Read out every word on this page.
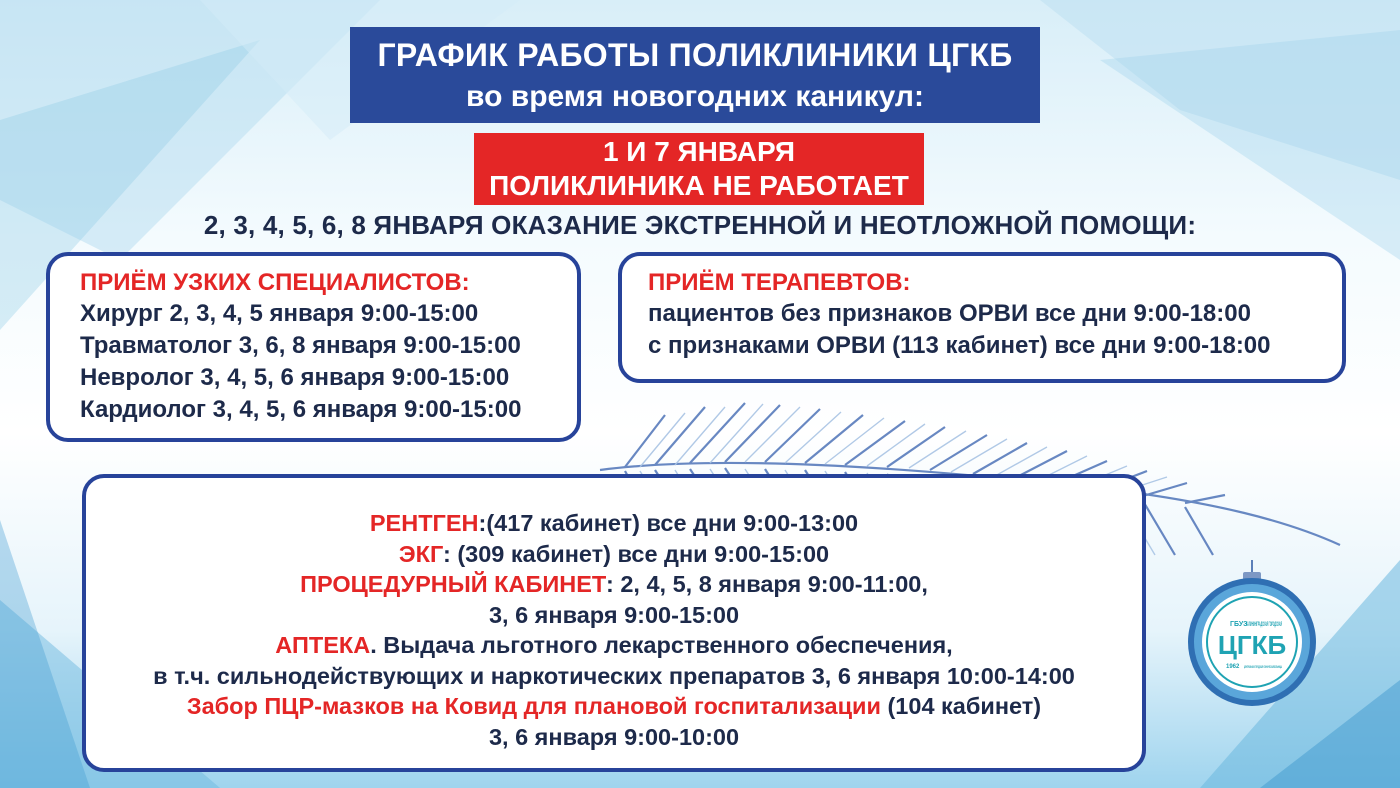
ГРАФИК РАБОТЫ ПОЛИКЛИНИКИ ЦГКБ
во время новогодних каникул:
1 И 7 ЯНВАРЯ
ПОЛИКЛИНИКА НЕ РАБОТАЕТ
2, 3, 4, 5, 6, 8 ЯНВАРЯ ОКАЗАНИЕ ЭКСТРЕННОЙ И НЕОТЛОЖНОЙ ПОМОЩИ:
ПРИЁМ УЗКИХ СПЕЦИАЛИСТОВ:
Хирург 2, 3, 4, 5 января 9:00-15:00
Травматолог 3, 6, 8 января 9:00-15:00
Невролог 3, 4, 5, 6 января 9:00-15:00
Кардиолог 3, 4, 5, 6 января 9:00-15:00
ПРИЁМ ТЕРАПЕВТОВ:
пациентов без признаков ОРВИ все дни 9:00-18:00
с признаками ОРВИ (113 кабинет) все дни 9:00-18:00
РЕНТГЕН:(417 кабинет) все дни 9:00-13:00
ЭКГ: (309 кабинет) все дни 9:00-15:00
ПРОЦЕДУРНЫЙ КАБИНЕТ: 2, 4, 5, 8 января 9:00-11:00,
3, 6 января 9:00-15:00
АПТЕКА. Выдача льготного лекарственного обеспечения,
в т.ч. сильнодействующих и наркотических препаратов 3, 6 января 10:00-14:00
Забор ПЦР-мазков на Ковид для плановой госпитализации (104 кабинет)
3, 6 января 9:00-10:00
ГБУЗ
КАЛИНИНГРАДСКАЯ ГОРОДСКАЯ
ЦГКБ
1962 ЦЕНТРАЛЬНАЯ ГОРОДСКАЯ КЛИНИЧЕСКАЯ БОЛЬНИЦА
